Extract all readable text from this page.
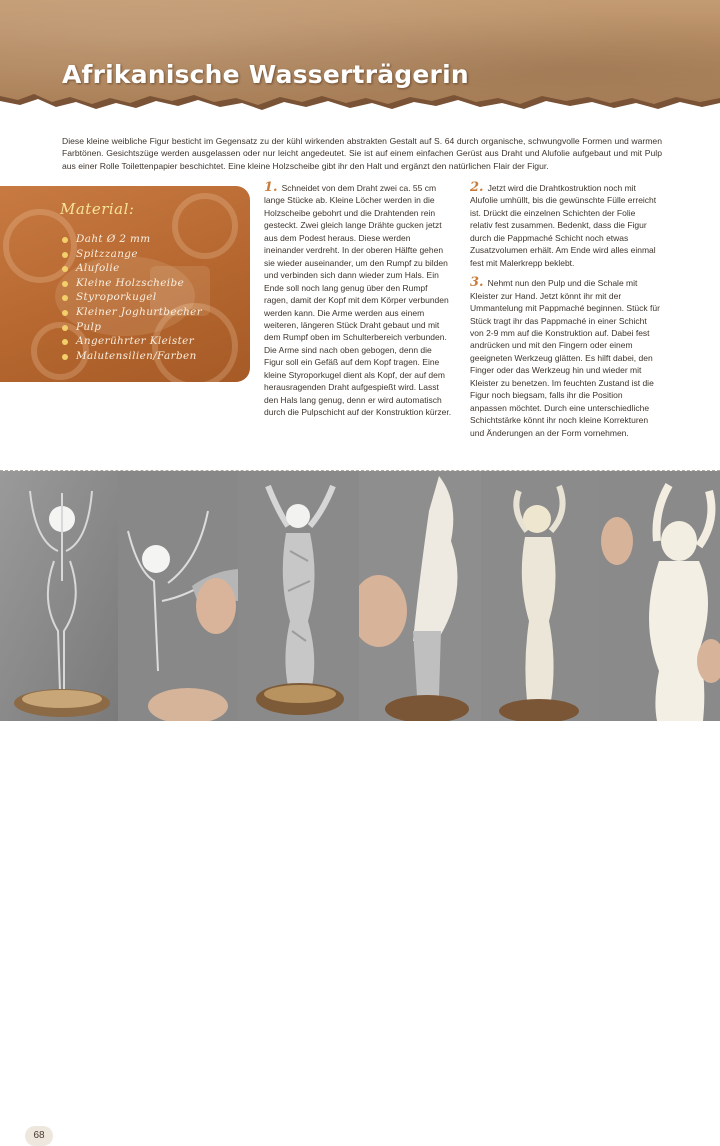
Afrikanische Wasserträgerin

Diese kleine weibliche Figur besticht im Gegensatz zu der kühl wirkenden abstrakten Gestalt auf S. 64 durch organische, schwungvolle Formen und warmen Farbtönen. Gesichtszüge werden ausgelassen oder nur leicht angedeutet. Sie ist auf einem einfachen Gerüst aus Draht und Alufolie aufgebaut und mit Pulp aus einer Rolle Toilettenpapier beschichtet. Eine kleine Holzscheibe gibt ihr den Halt und ergänzt den natürlichen Flair der Figur.

Material:
Daht Ø 2 mm
Spitzzange
Alufolie
Kleine Holzscheibe
Styroporkugel
Kleiner Joghurtbecher
Pulp
Angerührter Kleister
Malutensilien/Farben

1. Schneidet von dem Draht zwei ca. 55 cm lange Stücke ab. Kleine Löcher werden in die Holzscheibe gebohrt und die Drahtenden rein gesteckt. Zwei gleich lange Drähte gucken jetzt aus dem Podest heraus. Diese werden ineinander verdreht. In der oberen Hälfte gehen sie wieder auseinander, um den Rumpf zu bilden und verbinden sich dann wieder zum Hals. Ein Ende soll noch lang genug über den Rumpf ragen, damit der Kopf mit dem Körper verbunden werden kann. Die Arme werden aus einem weiteren, längeren Stück Draht gebaut und mit dem Rumpf oben im Schulterbereich verbunden. Die Arme sind nach oben gebogen, denn die Figur soll ein Gefäß auf dem Kopf tragen. Eine kleine Styroporkugel dient als Kopf, der auf dem herausragenden Draht aufgespießt wird. Lasst den Hals lang genug, denn er wird automatisch durch die Pulpschicht auf der Konstruktion kürzer.

2. Jetzt wird die Drahtkostruktion noch mit Alufolie umhüllt, bis die gewünschte Fülle erreicht ist. Drückt die einzelnen Schichten der Folie relativ fest zusammen. Bedenkt, dass die Figur durch die Pappmaché Schicht noch etwas Zusatzvolumen erhält. Am Ende wird alles einmal fest mit Malerkrepp beklebt.

3. Nehmt nun den Pulp und die Schale mit Kleister zur Hand. Jetzt könnt ihr mit der Ummantelung mit Pappmaché beginnen. Stück für Stück tragt ihr das Pappmaché in einer Schicht von 2-9 mm auf die Konstruktion auf. Dabei fest andrücken und mit den Fingern oder einem geeigneten Werkzeug glätten. Es hilft dabei, den Finger oder das Werkzeug hin und wieder mit Kleister zu benetzen. Im feuchten Zustand ist die Figur noch biegsam, falls ihr die Position anpassen möchtet. Durch eine unterschiedliche Schichtstärke könnt ihr noch kleine Korrekturen und Änderungen an der Form vornehmen.

68
